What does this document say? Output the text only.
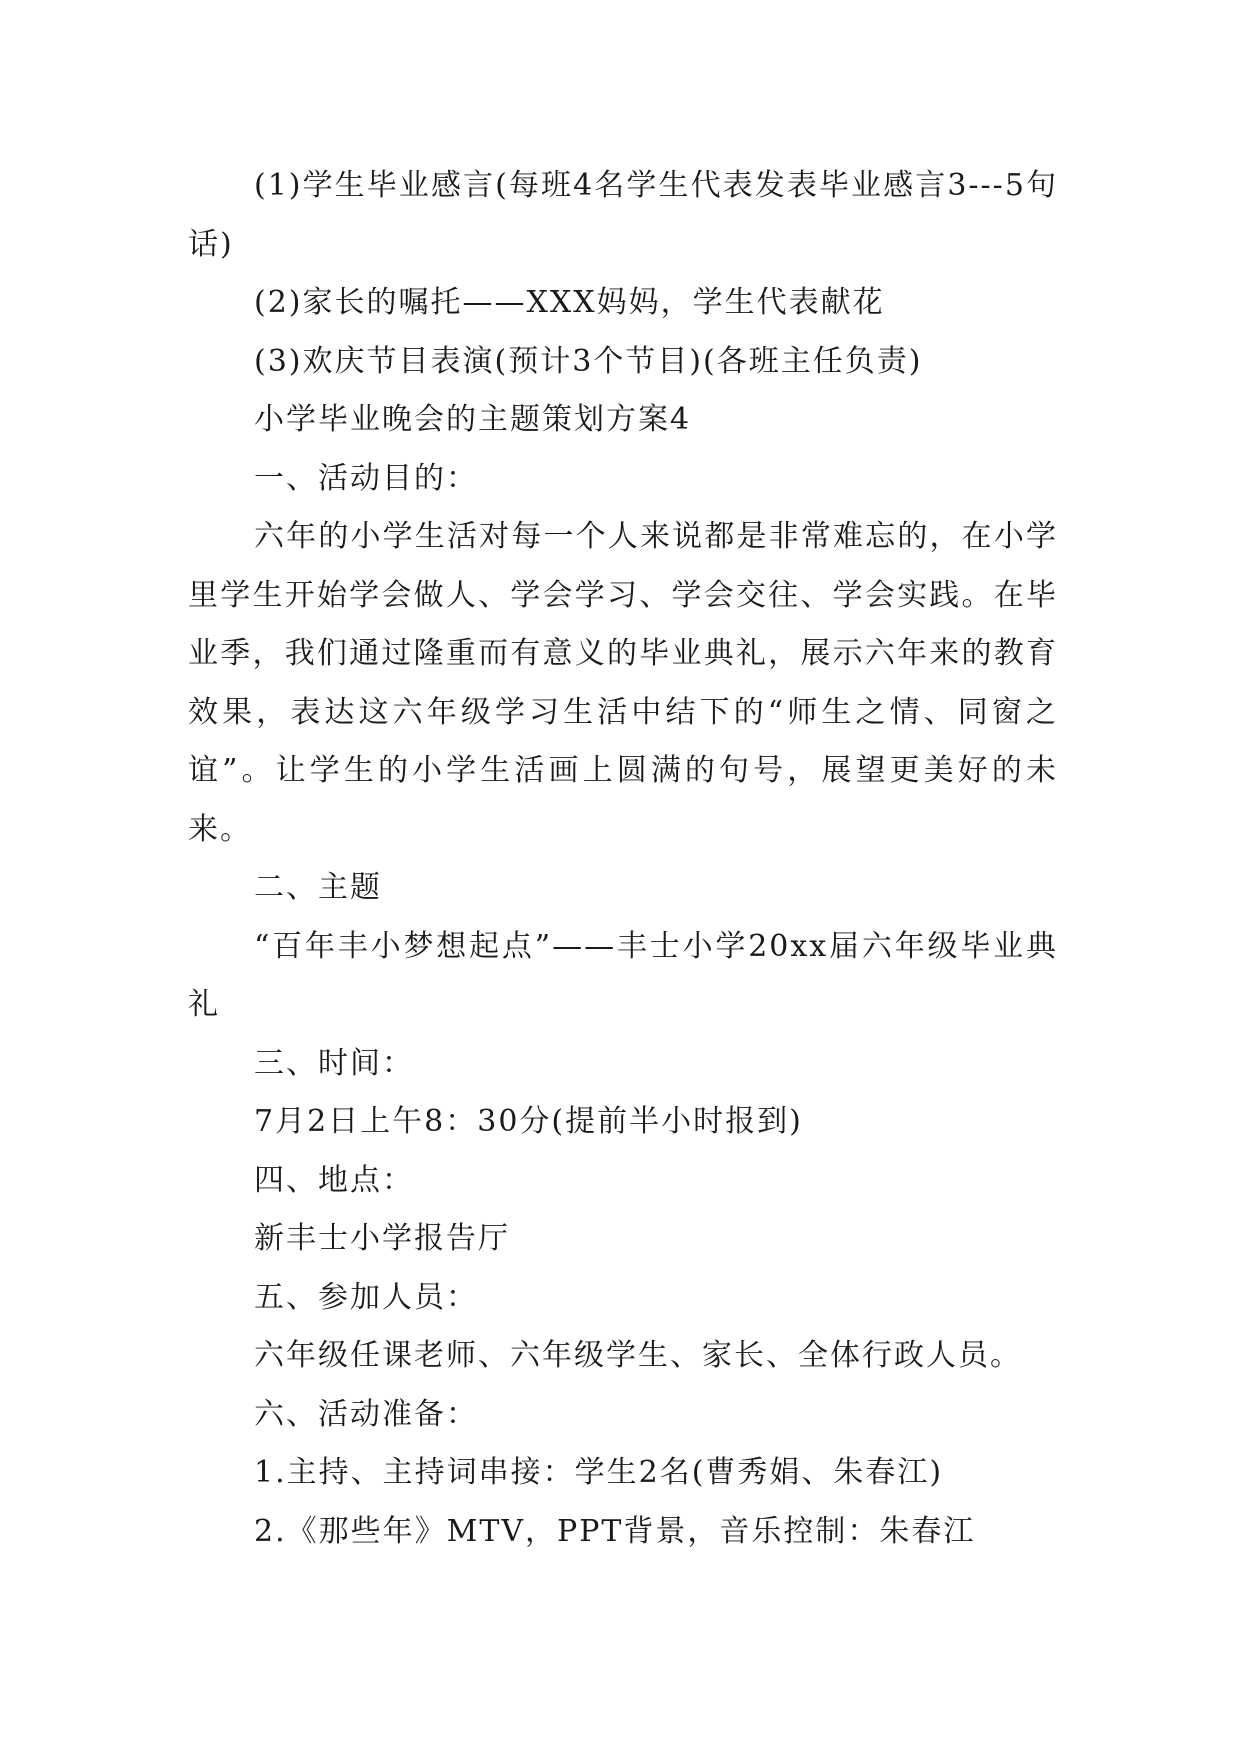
(1)学生毕业感言(每班4名学生代表发表毕业感言3---5句话)

(2)家长的嘱托——XXX妈妈，学生代表献花

(3)欢庆节目表演(预计3个节目)(各班主任负责)

小学毕业晚会的主题策划方案4

一、活动目的：

六年的小学生活对每一个人来说都是非常难忘的，在小学里学生开始学会做人、学会学习、学会交往、学会实践。在毕业季，我们通过隆重而有意义的毕业典礼，展示六年来的教育效果，表达这六年级学习生活中结下的“师生之情、同窗之谊”。让学生的小学生活画上圆满的句号，展望更美好的未来。

二、主题

“百年丰小梦想起点”——丰士小学20xx届六年级毕业典礼

三、时间：

7月2日上午8：30分(提前半小时报到)

四、地点：

新丰士小学报告厅

五、参加人员：

六年级任课老师、六年级学生、家长、全体行政人员。

六、活动准备：

1.主持、主持词串接：学生2名(曹秀娟、朱春江)

2.《那些年》MTV，PPT背景，音乐控制：朱春江
